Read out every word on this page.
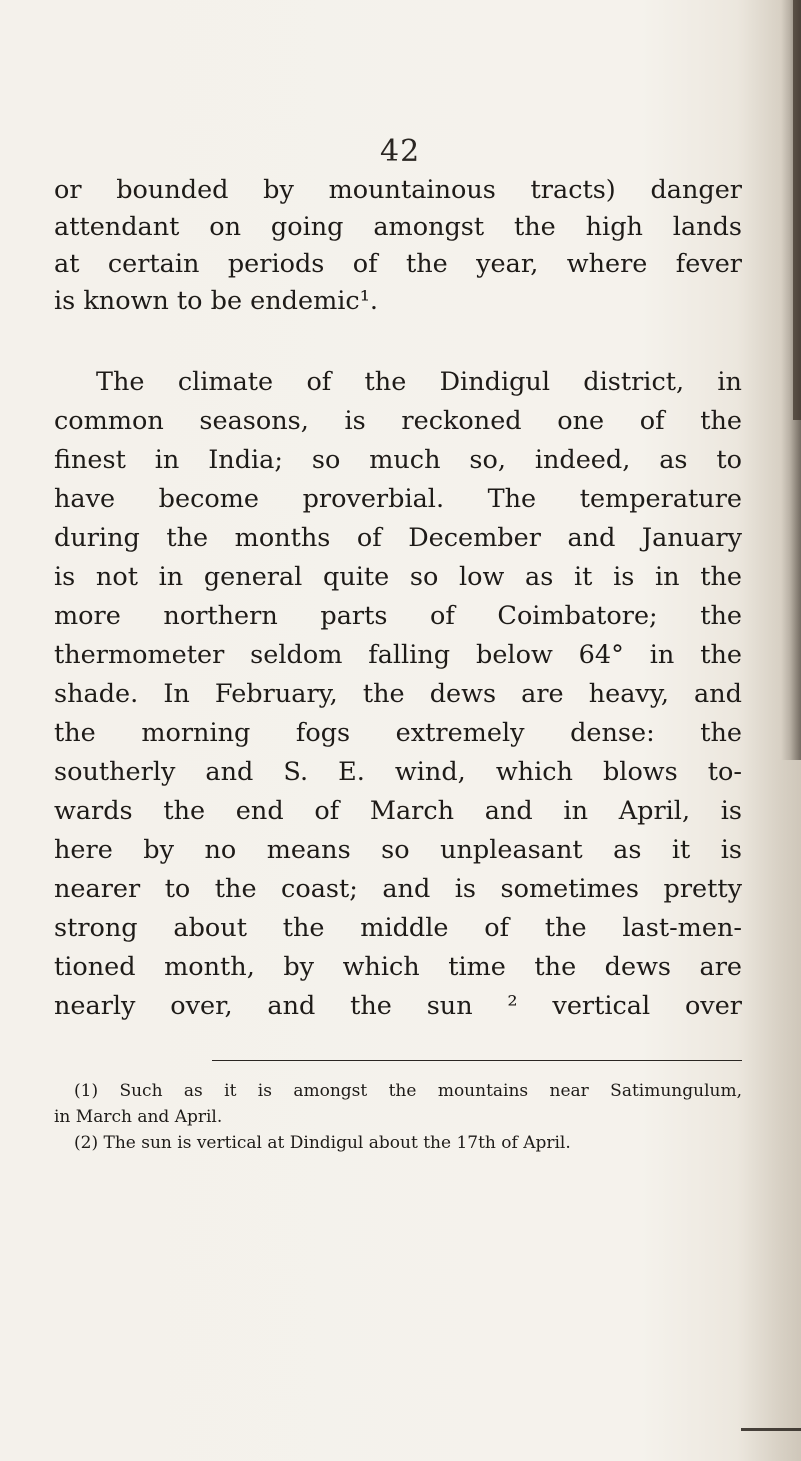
42
or bounded by mountainous tracts) danger
attendant on going amongst the high lands
at certain periods of the year, where fever
is known to be endemic¹.
The climate of the Dindigul district, in
common seasons, is reckoned one of the
finest in India; so much so, indeed, as to
have become proverbial. The temperature
during the months of December and January
is not in general quite so low as it is in the
more northern parts of Coimbatore; the
thermometer seldom falling below 64° in the
shade. In February, the dews are heavy, and
the morning fogs extremely dense: the
southerly and S. E. wind, which blows to-
wards the end of March and in April, is
here by no means so unpleasant as it is
nearer to the coast; and is sometimes pretty
strong about the middle of the last-men-
tioned month, by which time the dews are
nearly over, and the sun ² vertical over
(1) Such as it is amongst the mountains near Satimungulum,
in March and April.
(2) The sun is vertical at Dindigul about the 17th of April.
